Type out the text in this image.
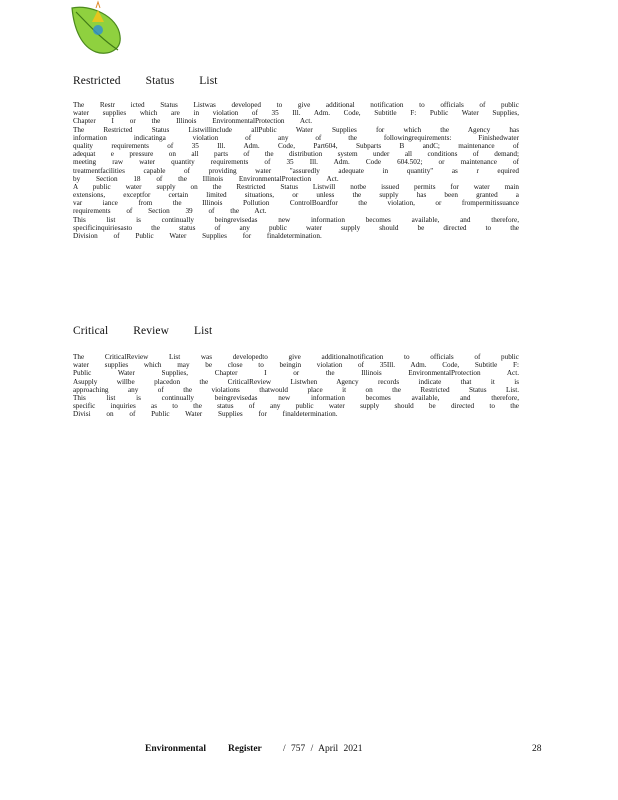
Restricted Status List
The Restr icted Status Listwas developed to give additional notification to officials of public
water supplies which are in violation of 35 Ill. Adm. Code, Subtitle F: Public Water Supplies,
Chapter I or the Illinois EnvironmentalProtection Act.
The Restricted Status Listwillinclude allPublic Water Supplies for which the Agency has
information indicatinga violation of any of the followingrequirements: Finishedwater
quality requirements of 35 Ill. Adm. Code, Part604, Subparts B andC; maintenance of
adequat e pressure on all parts of the distribution system under all conditions of demand;
meeting raw water quantity requirements of 35 Ill. Adm. Code 604.502; or maintenance of
treatmentfacilities capable of providing water "assuredly adequate in quantity" as r equired
by Section 18 of the Illinois EnvironmentalProtection Act.
A public water supply on the Restricted Status Listwill notbe issued permits for water main
extensions, exceptfor certain limited situations, or unless the supply has been granted a
var iance from the Illinois Pollution ControlBoardfor the violation, or frompermitissuance
requirements of Section 39 of the Act.
This list is continually beingrevisedas new information becomes available, and therefore,
specificinquiriesasto the status of any public water supply should be directed to the
Division of Public Water Supplies for finaldetermination.
Critical Review List
The CriticalReview List was developedto give additionalnotification to officials of public
water supplies which may be close to beingin violation of 35Ill. Adm. Code, Subtitle F:
Public Water Supplies, Chapter I or the Illinois EnvironmentalProtection Act.
Asupply willbe placedon the CriticalReview Listwhen Agency records indicate that it is
approaching any of the violations thatwould place it on the Restricted Status List.
This list is continually beingrevisedas new information becomes available, and therefore,
specific inquiries as to the status of any public water supply should be directed to the
Divisi on of Public Water Supplies for finaldetermination.
Environmental Register / 757 / April 2021	28
